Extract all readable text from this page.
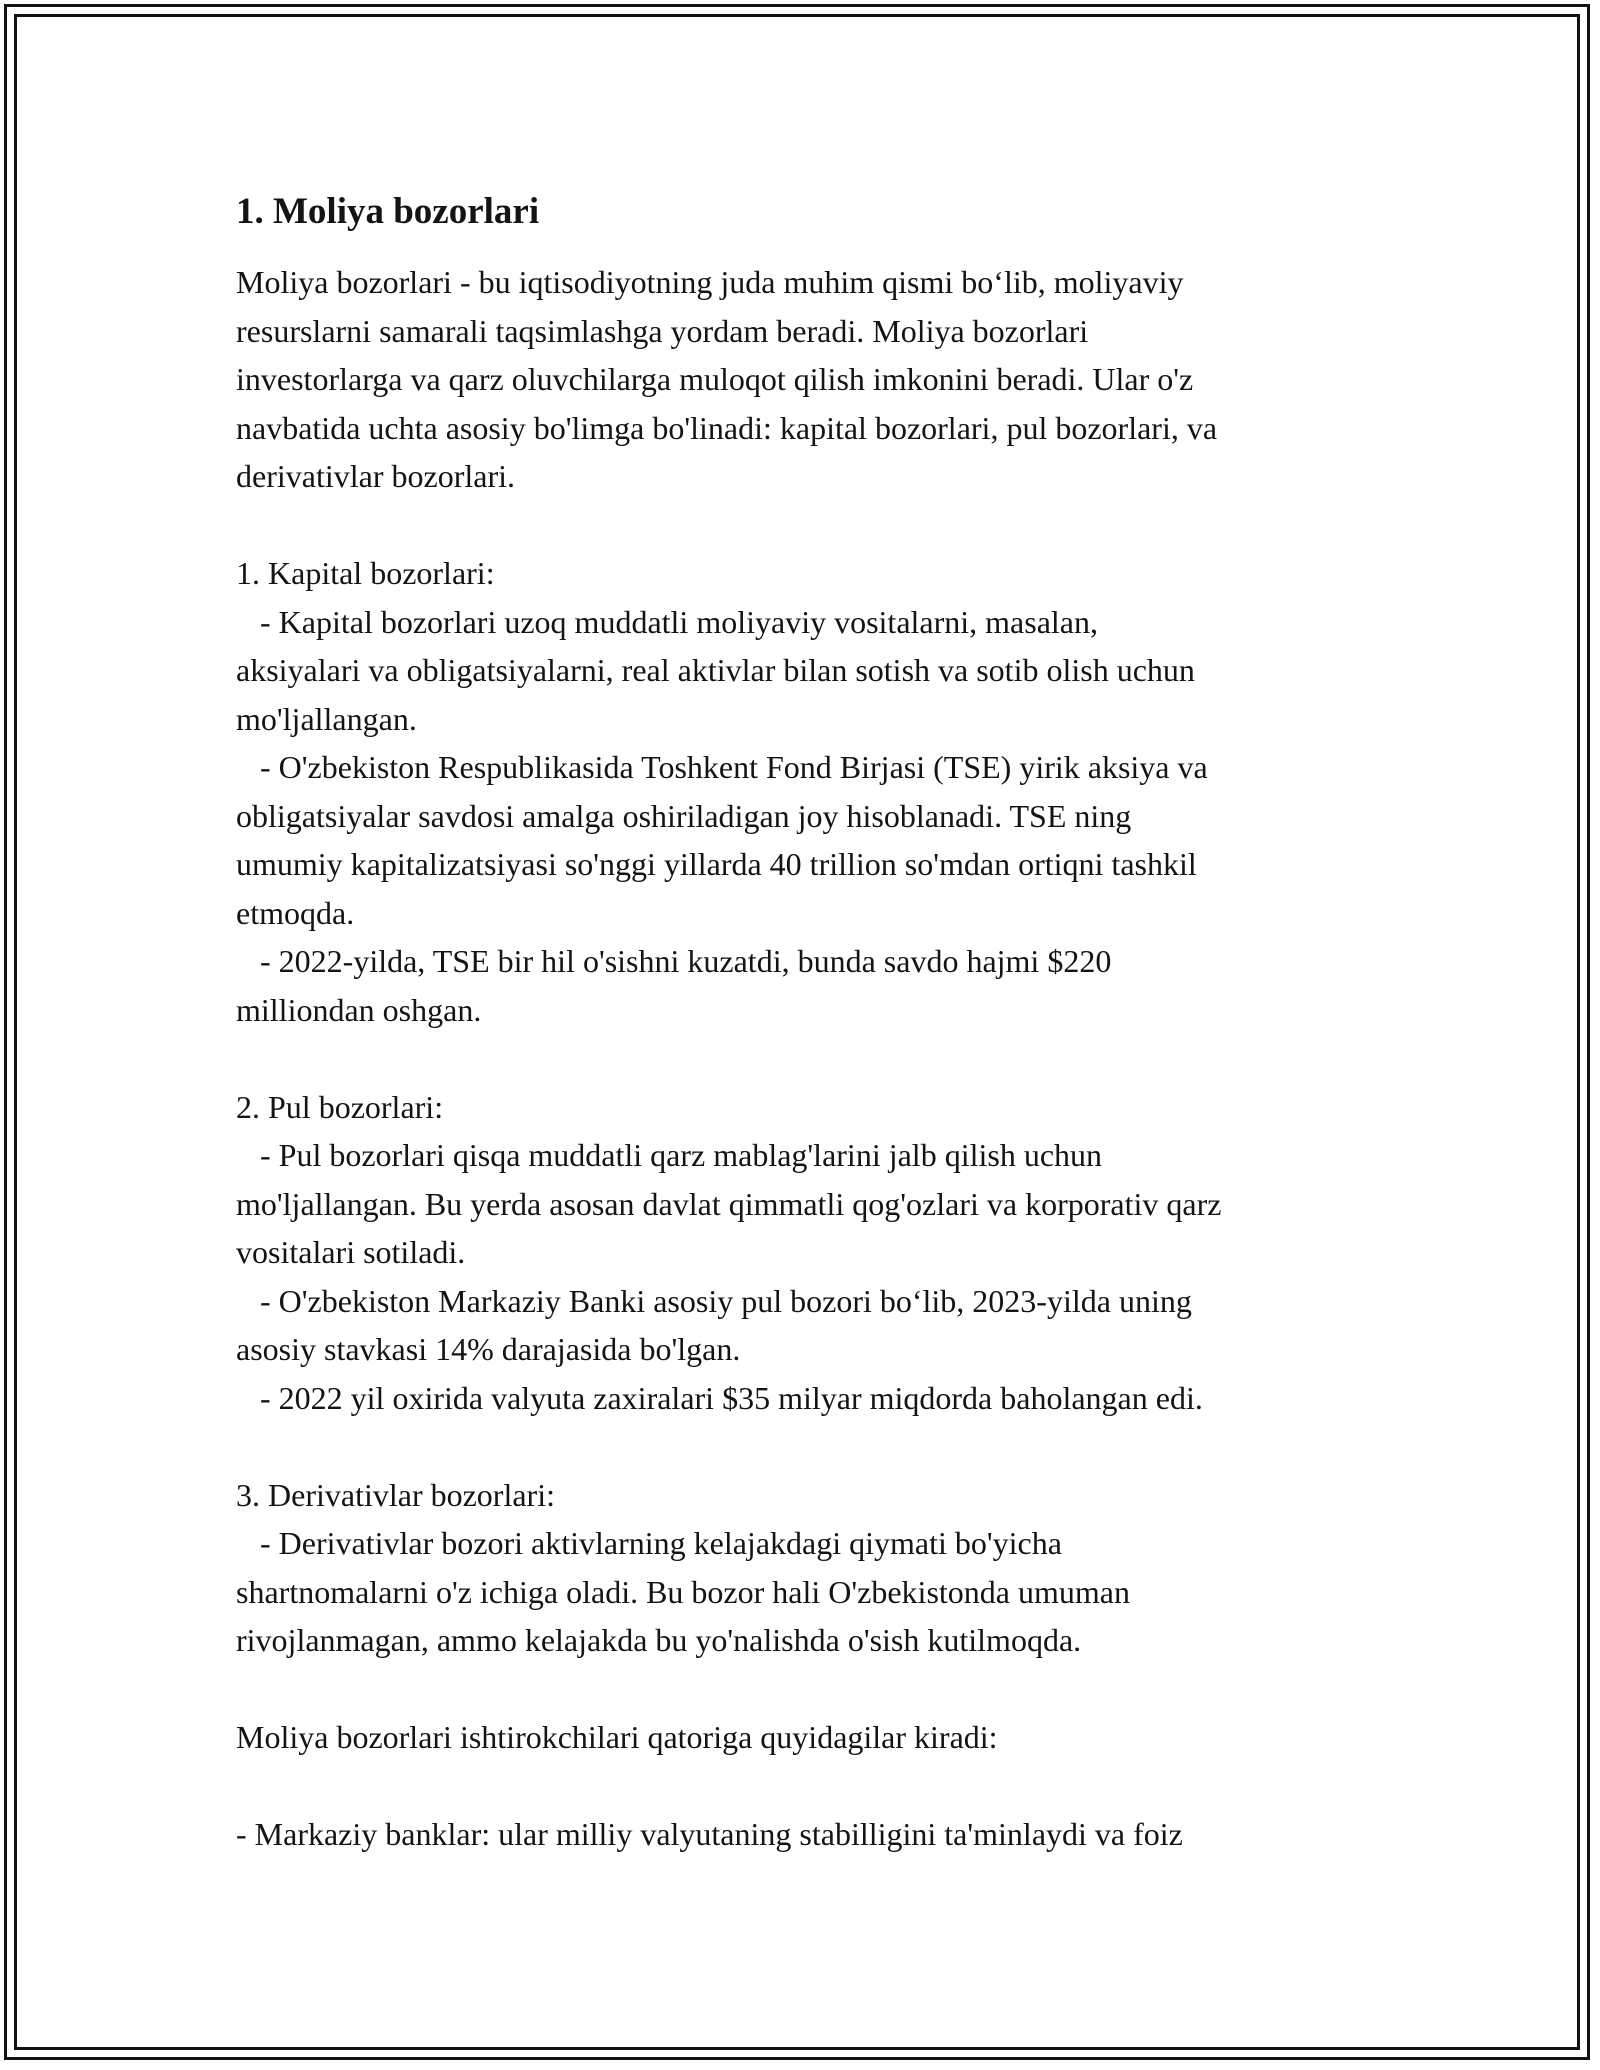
1. Moliya bozorlari
Moliya bozorlari - bu iqtisodiyotning juda muhim qismi bo‘lib, moliyaviy
resurslarni samarali taqsimlashga yordam beradi. Moliya bozorlari
investorlarga va qarz oluvchilarga muloqot qilish imkonini beradi. Ular o'z
navbatida uchta asosiy bo'limga bo'linadi: kapital bozorlari, pul bozorlari, va
derivativlar bozorlari.
1. Kapital bozorlari:
- Kapital bozorlari uzoq muddatli moliyaviy vositalarni, masalan,
aksiyalari va obligatsiyalarni, real aktivlar bilan sotish va sotib olish uchun
mo'ljallangan.
- O'zbekiston Respublikasida Toshkent Fond Birjasi (TSE) yirik aksiya va
obligatsiyalar savdosi amalga oshiriladigan joy hisoblanadi. TSE ning
umumiy kapitalizatsiyasi so'nggi yillarda 40 trillion so'mdan ortiqni tashkil
etmoqda.
- 2022-yilda, TSE bir hil o'sishni kuzatdi, bunda savdo hajmi $220
milliondan oshgan.
2. Pul bozorlari:
- Pul bozorlari qisqa muddatli qarz mablag'larini jalb qilish uchun
mo'ljallangan. Bu yerda asosan davlat qimmatli qog'ozlari va korporativ qarz
vositalari sotiladi.
- O'zbekiston Markaziy Banki asosiy pul bozori bo‘lib, 2023-yilda uning
asosiy stavkasi 14% darajasida bo'lgan.
- 2022 yil oxirida valyuta zaxiralari $35 milyar miqdorda baholangan edi.
3. Derivativlar bozorlari:
- Derivativlar bozori aktivlarning kelajakdagi qiymati bo'yicha
shartnomalarni o'z ichiga oladi. Bu bozor hali O'zbekistonda umuman
rivojlanmagan, ammo kelajakda bu yo'nalishda o'sish kutilmoqda.
Moliya bozorlari ishtirokchilari qatoriga quyidagilar kiradi:
- Markaziy banklar: ular milliy valyutaning stabilligini ta'minlaydi va foiz
